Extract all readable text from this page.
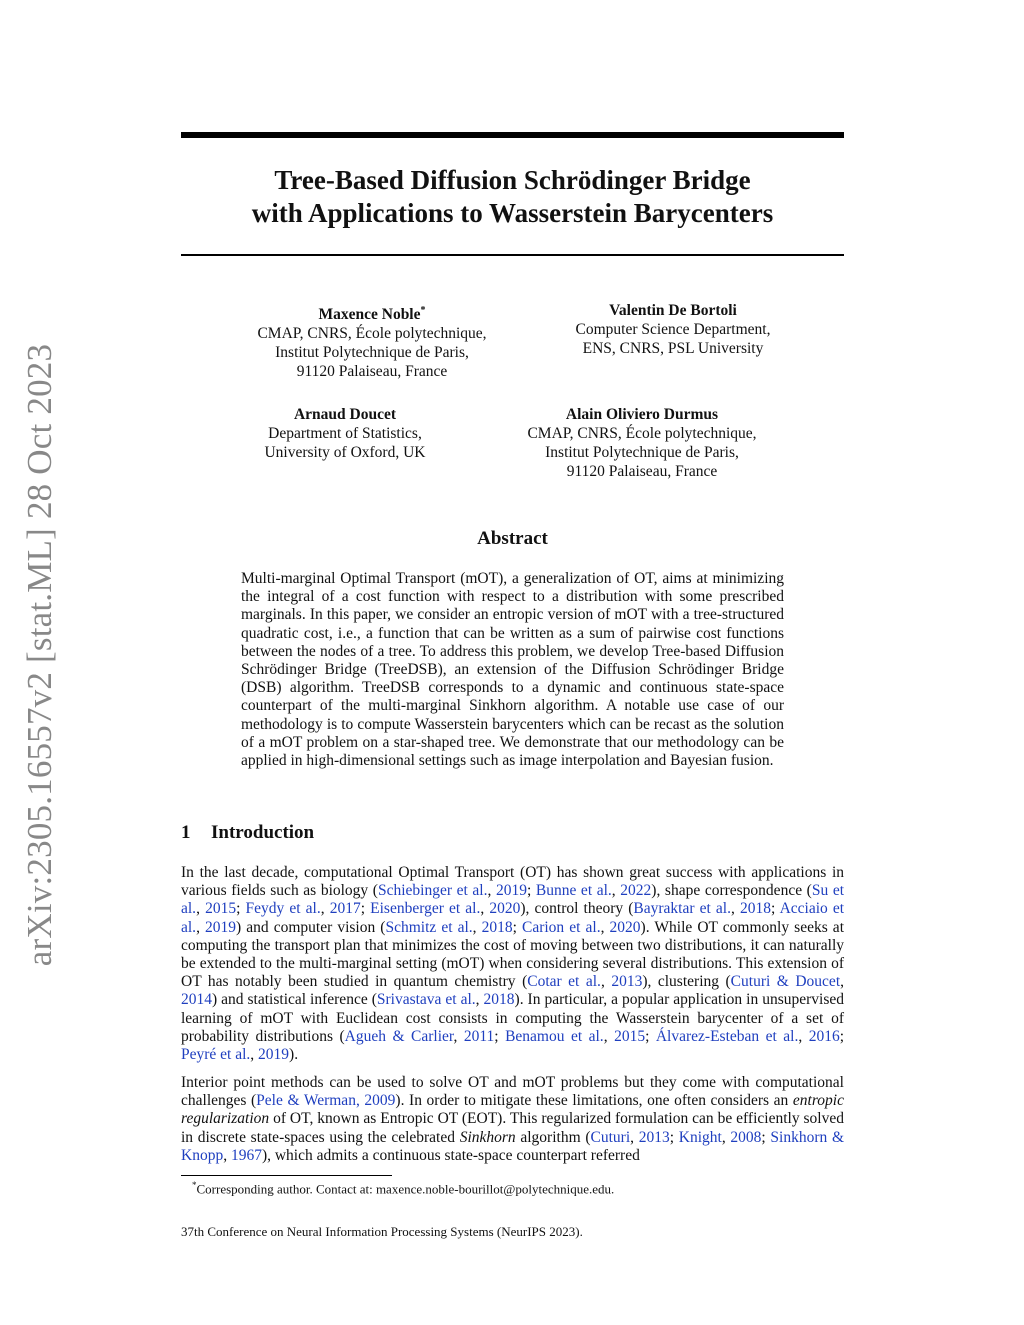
arXiv:2305.16557v2 [stat.ML] 28 Oct 2023
Tree-Based Diffusion Schrödinger Bridge
with Applications to Wasserstein Barycenters
Maxence Noble*
CMAP, CNRS, École polytechnique,
Institut Polytechnique de Paris,
91120 Palaiseau, France
Valentin De Bortoli
Computer Science Department,
ENS, CNRS, PSL University
Arnaud Doucet
Department of Statistics,
University of Oxford, UK
Alain Oliviero Durmus
CMAP, CNRS, École polytechnique,
Institut Polytechnique de Paris,
91120 Palaiseau, France
Abstract
Multi-marginal Optimal Transport (mOT), a generalization of OT, aims at minimizing the integral of a cost function with respect to a distribution with some prescribed marginals. In this paper, we consider an entropic version of mOT with a tree-structured quadratic cost, i.e., a function that can be written as a sum of pairwise cost functions between the nodes of a tree. To address this problem, we develop Tree-based Diffusion Schrödinger Bridge (TreeDSB), an extension of the Diffusion Schrödinger Bridge (DSB) algorithm. TreeDSB corresponds to a dynamic and continuous state-space counterpart of the multi-marginal Sinkhorn algorithm. A notable use case of our methodology is to compute Wasserstein barycenters which can be recast as the solution of a mOT problem on a star-shaped tree. We demonstrate that our methodology can be applied in high-dimensional settings such as image interpolation and Bayesian fusion.
1 Introduction
In the last decade, computational Optimal Transport (OT) has shown great success with applications in various fields such as biology (Schiebinger et al., 2019; Bunne et al., 2022), shape correspondence (Su et al., 2015; Feydy et al., 2017; Eisenberger et al., 2020), control theory (Bayraktar et al., 2018; Acciaio et al., 2019) and computer vision (Schmitz et al., 2018; Carion et al., 2020). While OT commonly seeks at computing the transport plan that minimizes the cost of moving between two distributions, it can naturally be extended to the multi-marginal setting (mOT) when considering several distributions. This extension of OT has notably been studied in quantum chemistry (Cotar et al., 2013), clustering (Cuturi & Doucet, 2014) and statistical inference (Srivastava et al., 2018). In particular, a popular application in unsupervised learning of mOT with Euclidean cost consists in computing the Wasserstein barycenter of a set of probability distributions (Agueh & Carlier, 2011; Benamou et al., 2015; Álvarez-Esteban et al., 2016; Peyré et al., 2019).
Interior point methods can be used to solve OT and mOT problems but they come with computational challenges (Pele & Werman, 2009). In order to mitigate these limitations, one often considers an entropic regularization of OT, known as Entropic OT (EOT). This regularized formulation can be efficiently solved in discrete state-spaces using the celebrated Sinkhorn algorithm (Cuturi, 2013; Knight, 2008; Sinkhorn & Knopp, 1967), which admits a continuous state-space counterpart referred
*Corresponding author. Contact at: maxence.noble-bourillot@polytechnique.edu.
37th Conference on Neural Information Processing Systems (NeurIPS 2023).
